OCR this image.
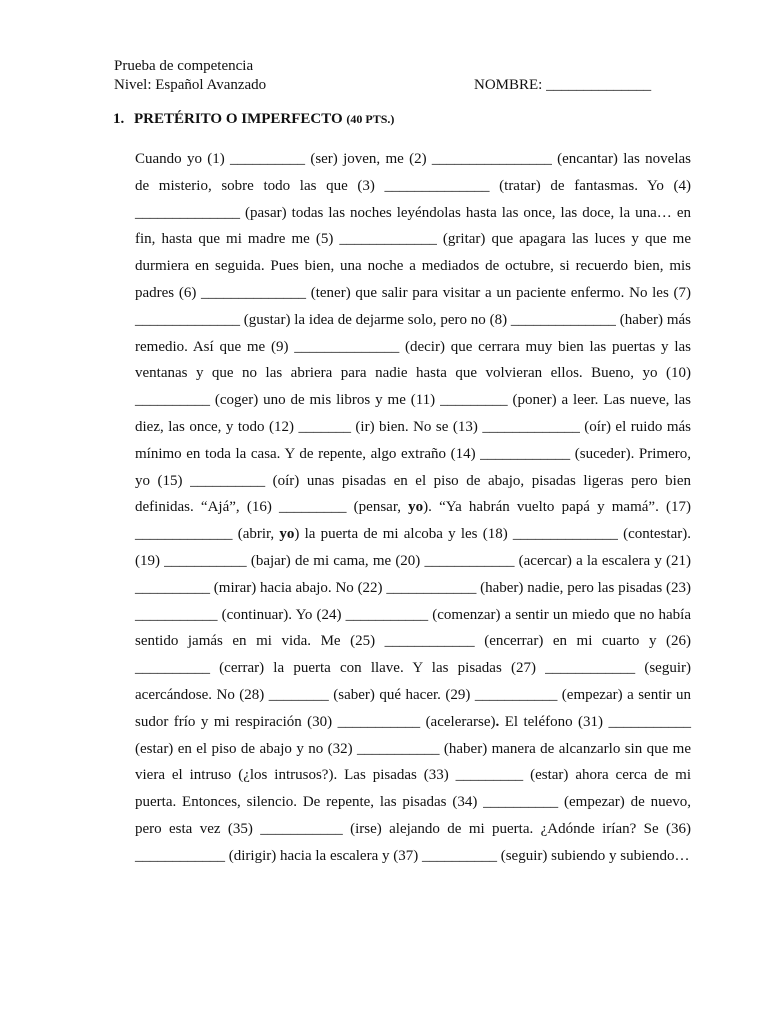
Prueba de competencia
Nivel: Español Avanzado	NOMBRE: ______________
1. PRETÉRITO O IMPERFECTO (40 PTS.)

Cuando yo (1) __________ (ser) joven, me (2) ________________ (encantar) las novelas de misterio, sobre todo las que (3) ______________ (tratar) de fantasmas. Yo (4) ______________ (pasar) todas las noches leyéndolas hasta las once, las doce, la una… en fin, hasta que mi madre me (5) _____________ (gritar) que apagara las luces y que me durmiera en seguida. Pues bien, una noche a mediados de octubre, si recuerdo bien, mis padres (6) ______________ (tener) que salir para visitar a un paciente enfermo. No les (7) ______________ (gustar) la idea de dejarme solo, pero no (8) ______________ (haber) más remedio. Así que me (9) ______________ (decir) que cerrara muy bien las puertas y las ventanas y que no las abriera para nadie hasta que volvieran ellos. Bueno, yo (10) __________ (coger) uno de mis libros y me (11) _________ (poner) a leer. Las nueve, las diez, las once, y todo (12) _______ (ir) bien. No se (13) _____________ (oír) el ruido más mínimo en toda la casa. Y de repente, algo extraño (14) ____________ (suceder). Primero, yo (15) __________ (oír) unas pisadas en el piso de abajo, pisadas ligeras pero bien definidas. “Ajá”, (16) _________ (pensar, yo). “Ya habrán vuelto papá y mamá”. (17) _____________ (abrir, yo) la puerta de mi alcoba y les (18) ______________ (contestar). (19) ___________ (bajar) de mi cama, me (20) ____________ (acercar) a la escalera y (21) __________ (mirar) hacia abajo. No (22) ____________ (haber) nadie, pero las pisadas (23) ___________ (continuar). Yo (24) ___________ (comenzar) a sentir un miedo que no había sentido jamás en mi vida. Me (25) ____________ (encerrar) en mi cuarto y (26) __________ (cerrar) la puerta con llave. Y las pisadas (27) ____________ (seguir) acercándose. No (28) ________ (saber) qué hacer. (29) ___________ (empezar) a sentir un sudor frío y mi respiración (30) ___________ (acelerarse). El teléfono (31) ___________ (estar) en el piso de abajo y no (32) ___________ (haber) manera de alcanzarlo sin que me viera el intruso (¿los intrusos?). Las pisadas (33) _________ (estar) ahora cerca de mi puerta. Entonces, silencio. De repente, las pisadas (34) __________ (empezar) de nuevo, pero esta vez (35) ___________ (irse) alejando de mi puerta. ¿Adónde irían? Se (36) ____________ (dirigir) hacia la escalera y (37) __________ (seguir) subiendo y subiendo…
